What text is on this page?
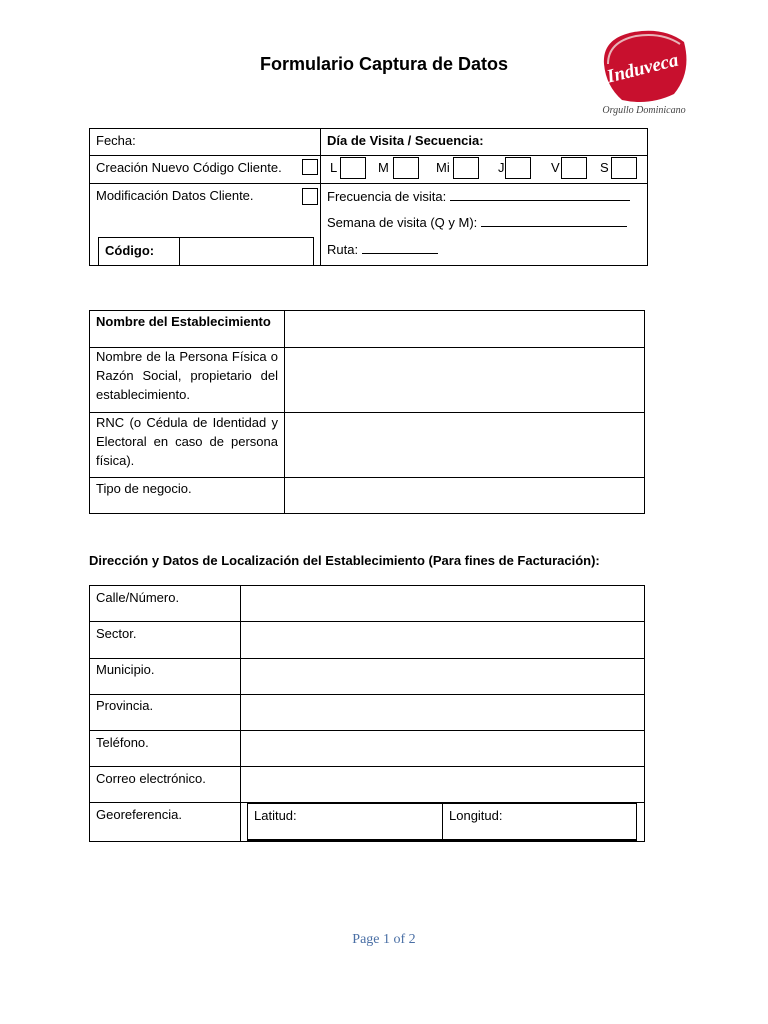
Formulario Captura de Datos	Induveca
Orgullo Dominicano
Fecha:	Día de Visita / Secuencia:
Creación Nuevo Código Cliente.	L	M	Mi	J	V	S
Modificación Datos Cliente.
Código:
Frecuencia de visita:
Semana de visita (Q y M):
Ruta:
Nombre del Establecimiento
Nombre de la Persona Física o Razón Social, propietario del establecimiento.
RNC (o Cédula de Identidad y Electoral en caso de persona física).
Tipo de negocio.
Dirección y Datos de Localización del Establecimiento (Para fines de Facturación):
Calle/Número.
Sector.
Municipio.
Provincia.
Teléfono.
Correo electrónico.
Georeferencia.	Latitud:	Longitud:
Page 1 of 2
